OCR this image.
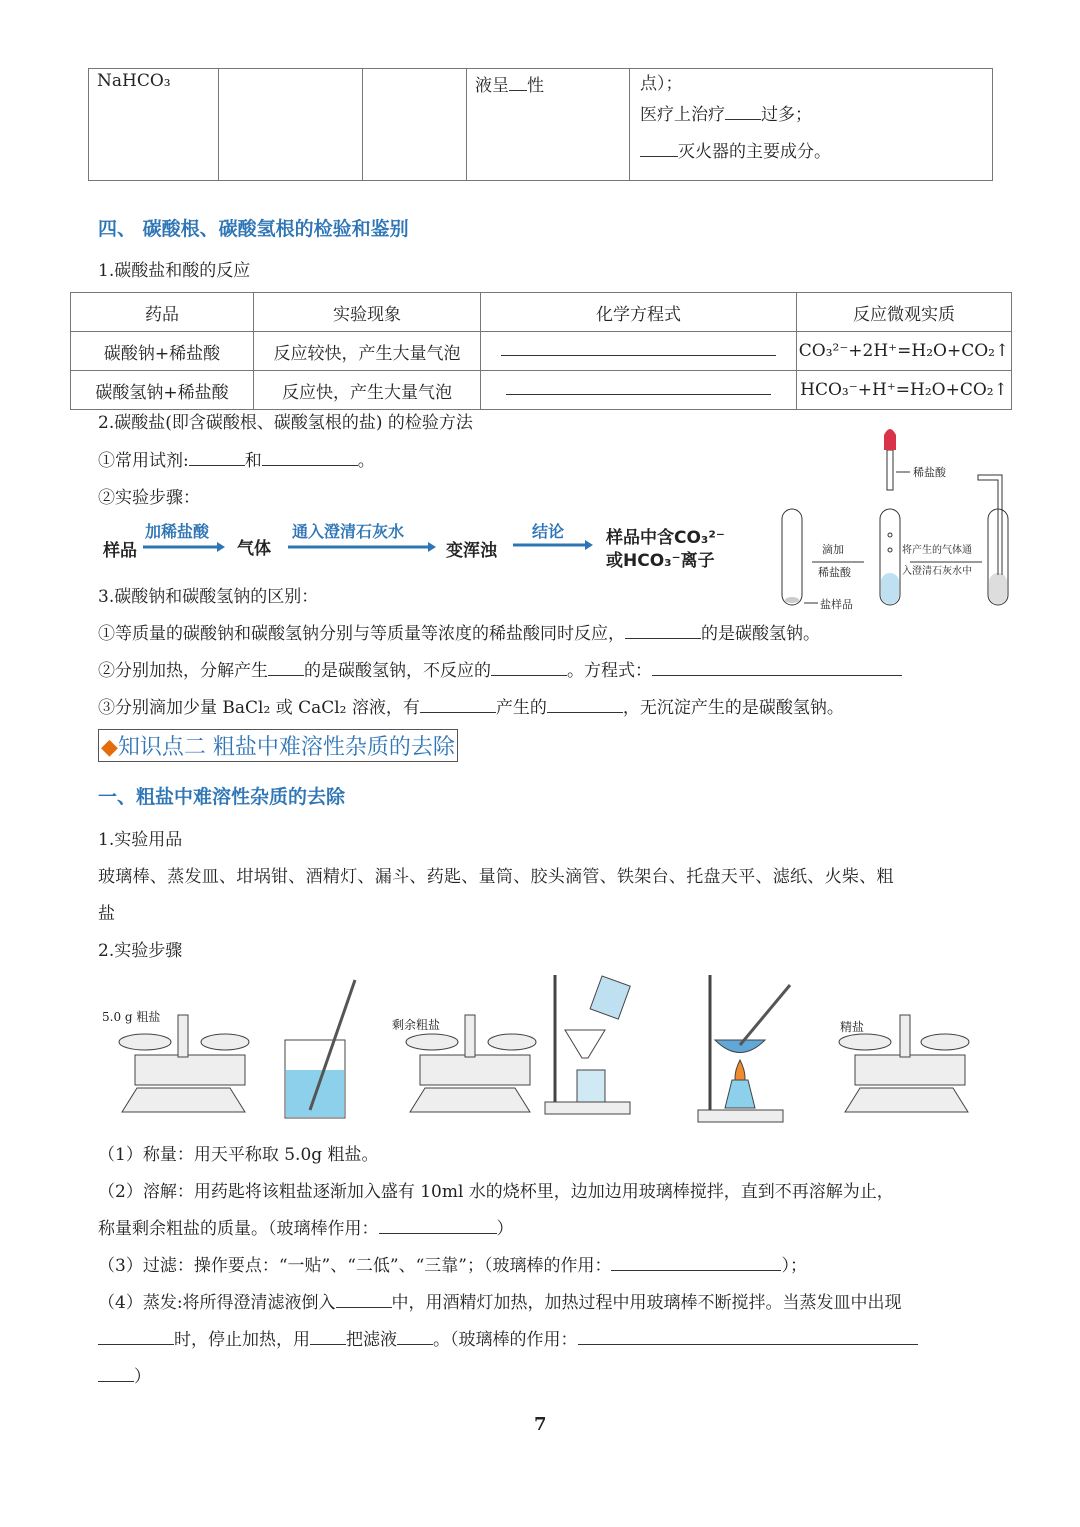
NaHCO₃			液呈 性	点）；
医疗上治疗 过多；
灭火器的主要成分。
四、 碳酸根、碳酸氢根的检验和鉴别
1.碳酸盐和酸的反应
药品	实验现象	化学方程式	反应微观实质
碳酸钠+稀盐酸	反应较快，产生大量气泡		CO₃²⁻+2H⁺=H₂O+CO₂↑
碳酸氢钠+稀盐酸	反应快，产生大量气泡		HCO₃⁻+H⁺=H₂O+CO₂↑
2.碳酸盐(即含碳酸根、碳酸氢根的盐) 的检验方法
①常用试剂:	和	。
②实验步骤：
样品
加稀盐酸
气体
通入澄清石灰水
变浑浊
结论 样品中含CO₃²⁻
或HCO₃⁻离子
稀盐酸
滴加
稀盐酸
将产生的气体通
入澄清石灰水中
盐样品
3.碳酸钠和碳酸氢钠的区别：
①等质量的碳酸钠和碳酸氢钠分别与等质量等浓度的稀盐酸同时反应，	的是碳酸氢钠。
②分别加热，分解产生 的是碳酸氢钠，不反应的	。方程式：
③分别滴加少量 BaCl₂ 或 CaCl₂ 溶液，有	产生的	，无沉淀产生的是碳酸氢钠。
◆知识点二 粗盐中难溶性杂质的去除
一、粗盐中难溶性杂质的去除
1.实验用品
玻璃棒、蒸发皿、坩埚钳、酒精灯、漏斗、药匙、量筒、胶头滴管、铁架台、托盘天平、滤纸、火柴、粗
盐
2.实验步骤
5.0 g 粗盐
剩余粗盐	精盐
（1）称量：用天平称取 5.0g 粗盐。
（2）溶解：用药匙将该粗盐逐渐加入盛有 10ml 水的烧杯里，边加边用玻璃棒搅拌，直到不再溶解为止，
称量剩余粗盐的质量。（玻璃棒作用：	）
（3）过滤：操作要点：“一贴”、“二低”、“三靠”；（玻璃棒的作用：	）；
（4）蒸发:将所得澄清滤液倒入	中，用酒精灯加热，加热过程中用玻璃棒不断搅拌。当蒸发皿中出现
时，停止加热，用 把滤液 。（玻璃棒的作用：
）
7
